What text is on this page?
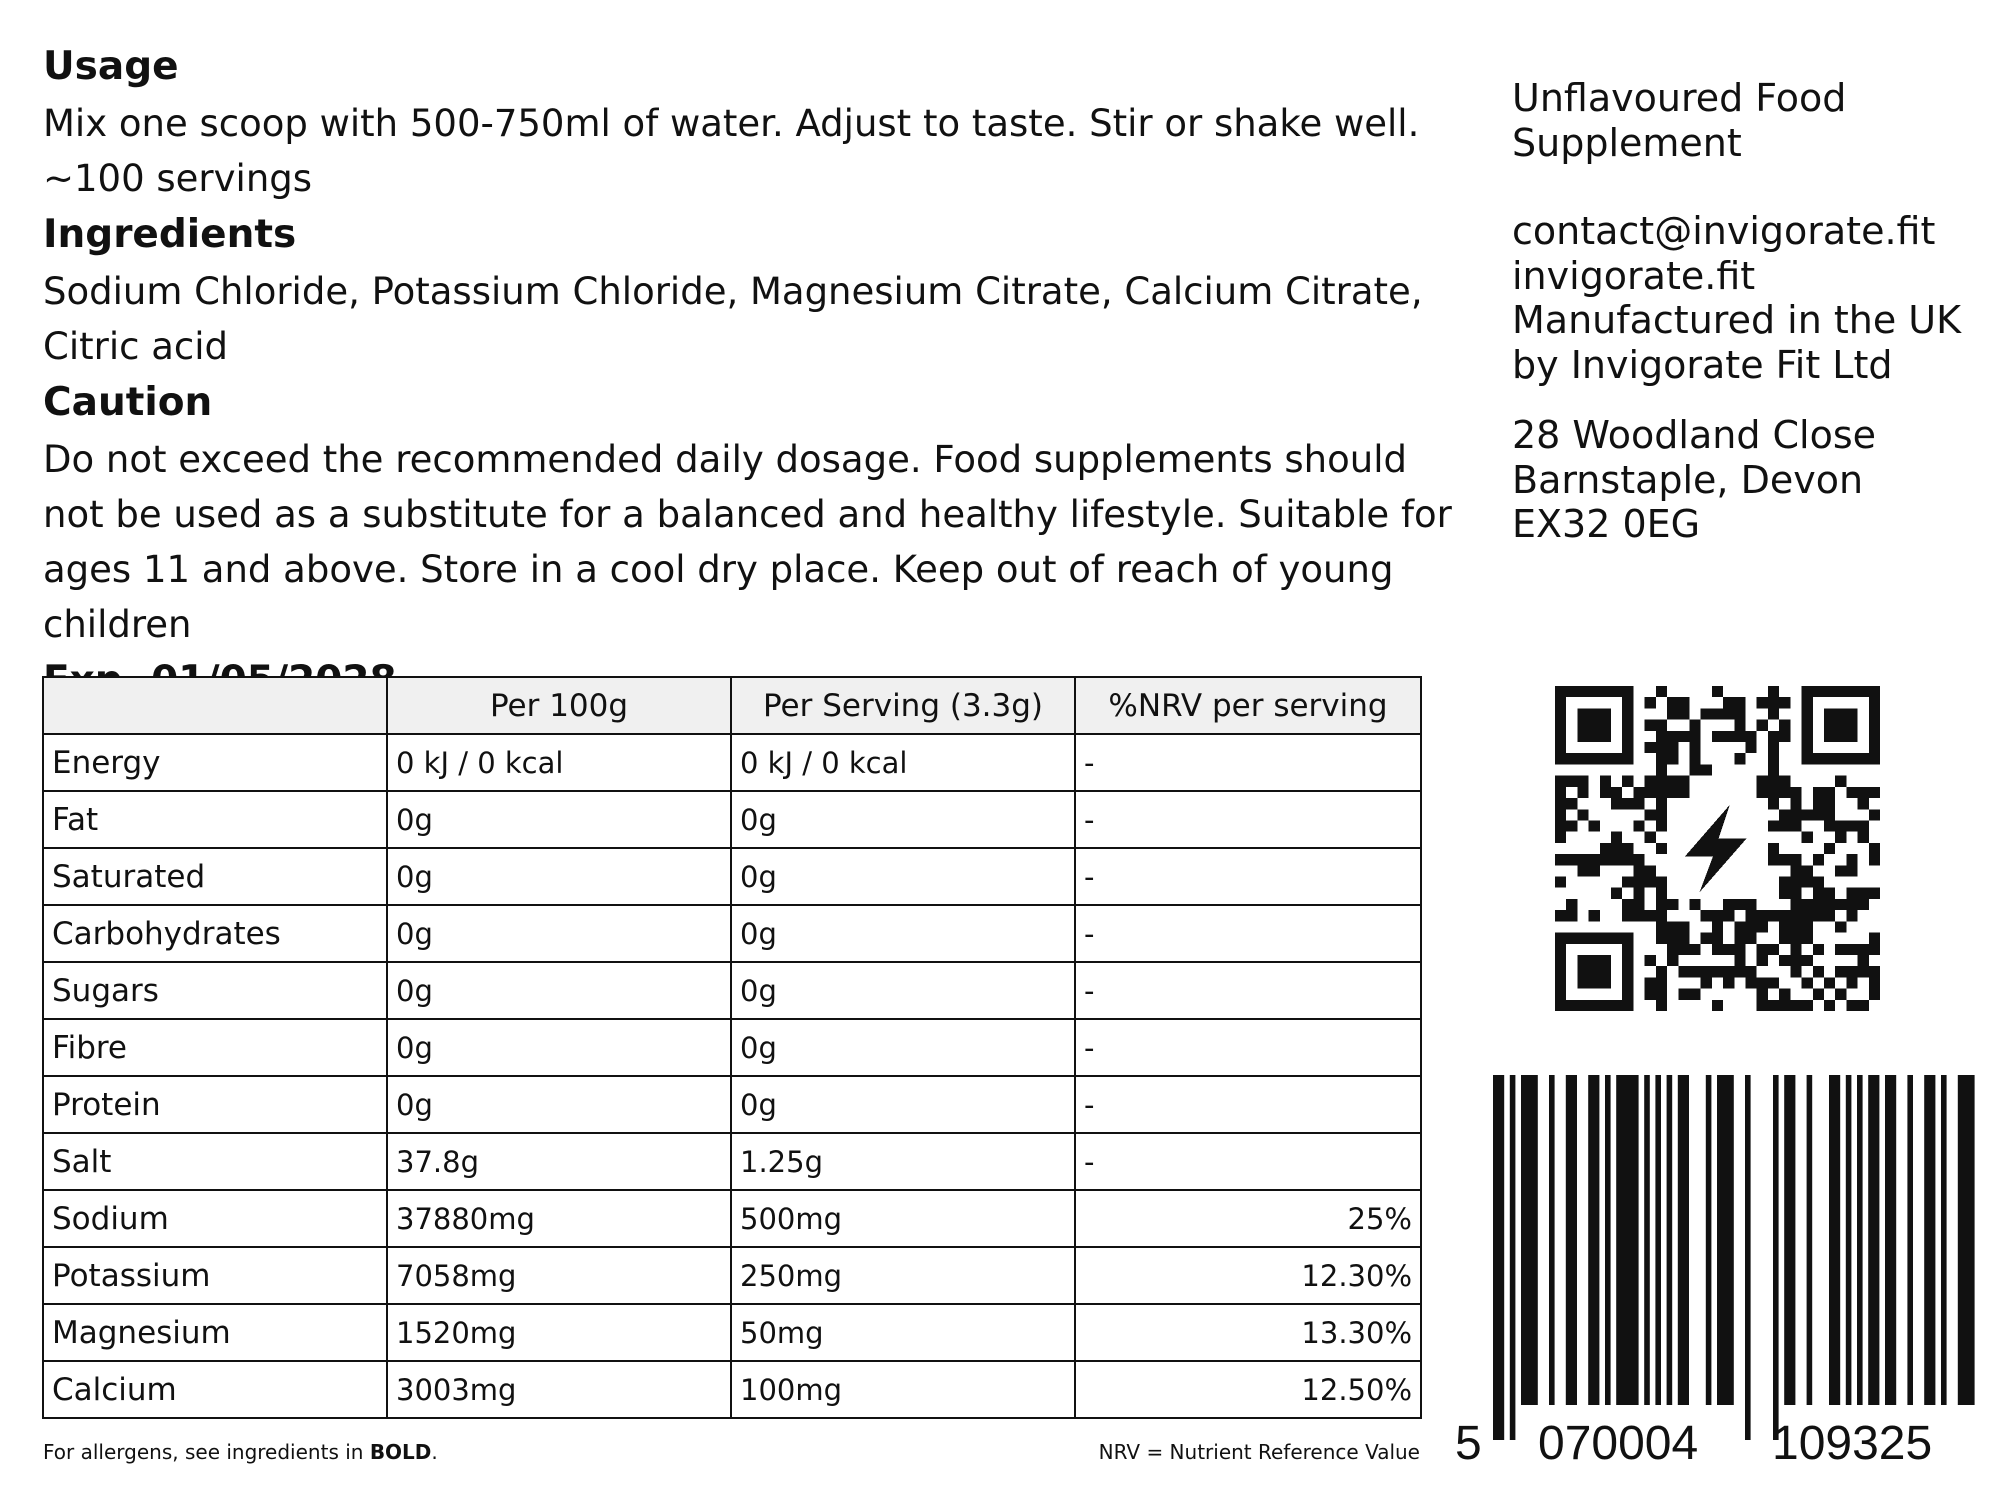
Usage

Mix one scoop with 500-750ml of water. Adjust to taste. Stir or shake well.

~100 servings

Ingredients

Sodium Chloride, Potassium Chloride, Magnesium Citrate, Calcium Citrate, Citric acid

Caution

Do not exceed the recommended daily dosage. Food supplements should not be used as a substitute for a balanced and healthy lifestyle. Suitable for ages 11 and above. Store in a cool dry place. Keep out of reach of young children

Unflavoured Food
Supplement
contact@invigorate.fit
invigorate.fit
Manufactured in the UK
by Invigorate Fit Ltd
28 Woodland Close
Barnstaple, Devon
EX32 0EG
	Per 100g	Per Serving (3.3g)	%NRV per serving
Energy	0 kJ / 0 kcal	0 kJ / 0 kcal	-
Fat	0g	0g	-
Saturated	0g	0g	-
Carbohydrates	0g	0g	-
Sugars	0g	0g	-
Fibre	0g	0g	-
Protein	0g	0g	-
Salt	37.8g	1.25g	-
Sodium	37880mg	500mg	25%
Potassium	7058mg	250mg	12.30%
Magnesium	1520mg	50mg	13.30%
Calcium	3003mg	100mg	12.50%
For allergens, see ingredients in BOLD.	NRV = Nutrient Reference Value 5 070004 109325
